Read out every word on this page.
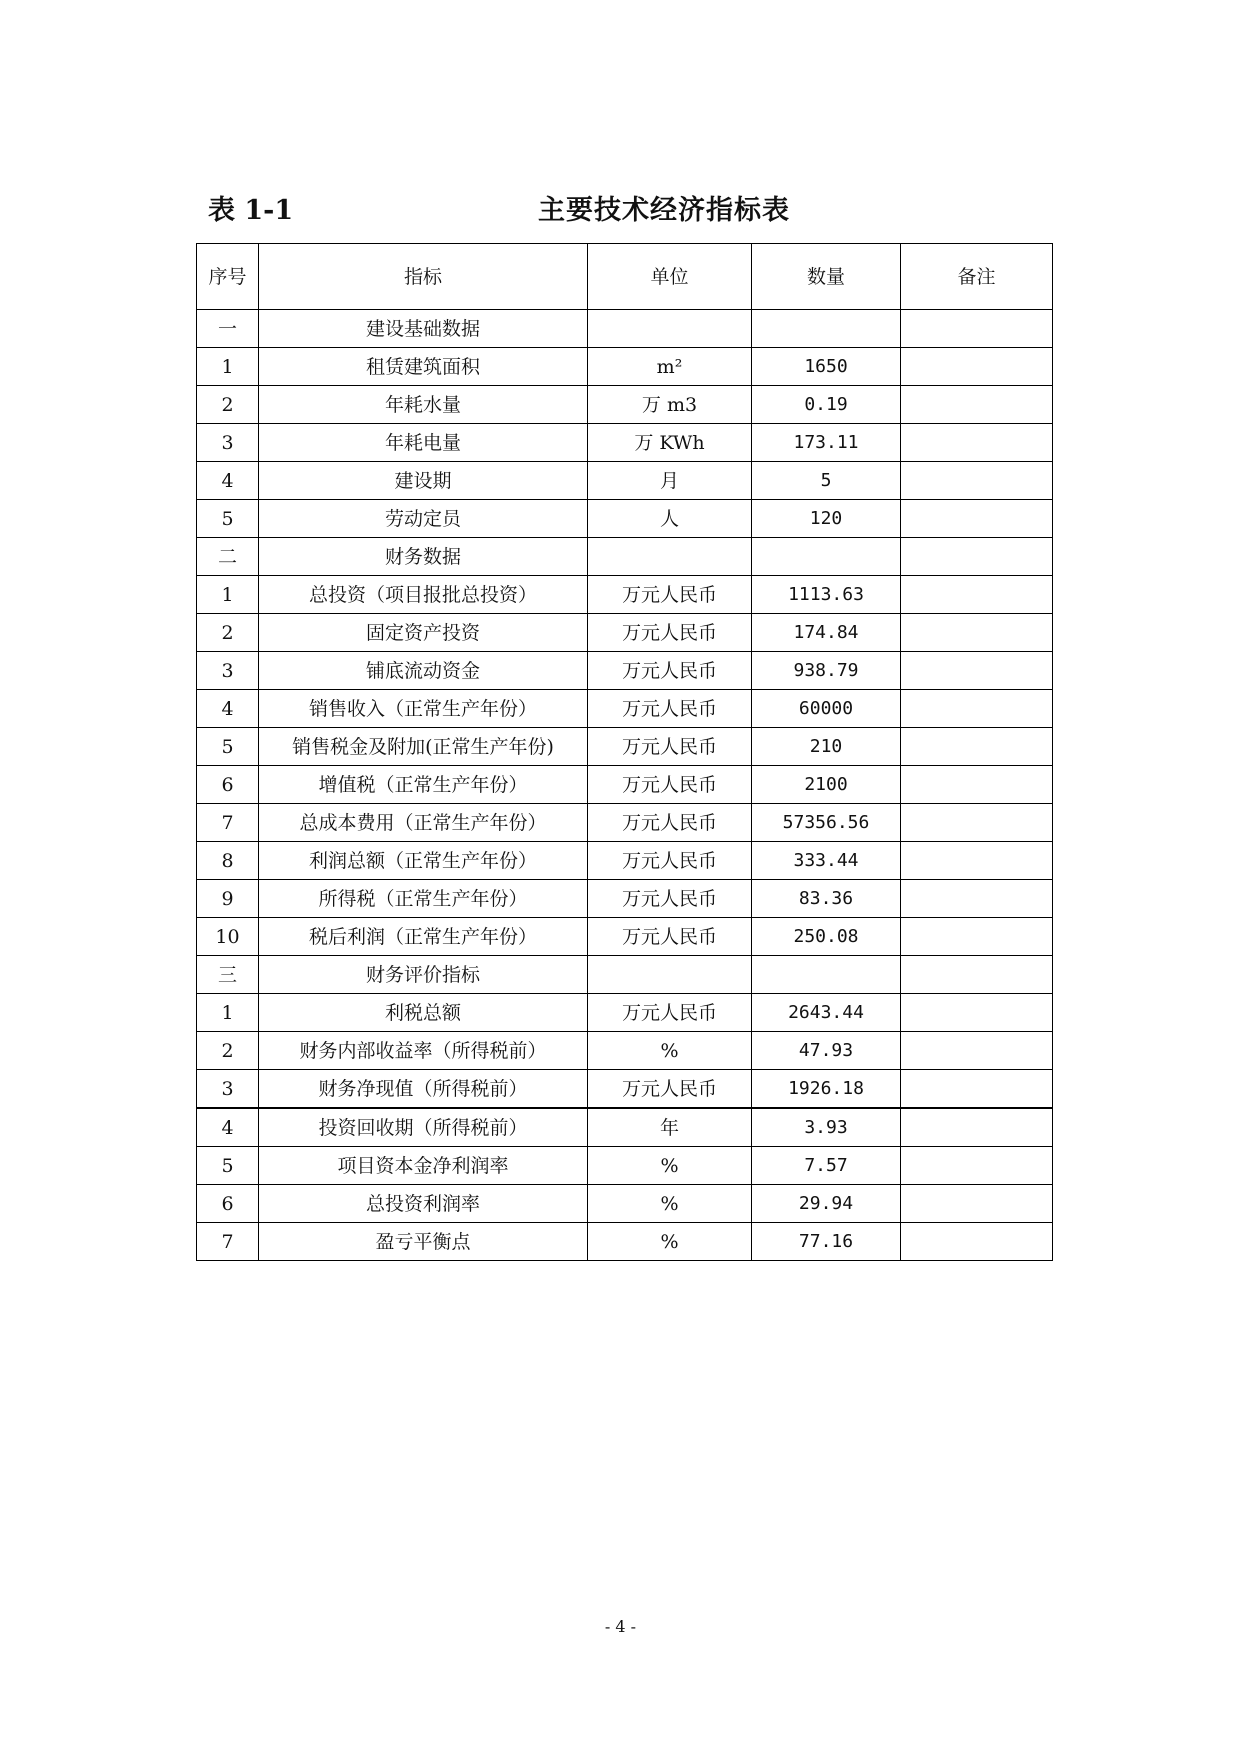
表 1-1	主要技术经济指标表
序号	指标	单位	数量	备注
一	建设基础数据			
1	租赁建筑面积	m²	1650	
2	年耗水量	万 m3	0.19	
3	年耗电量	万 KWh	173.11	
4	建设期	月	5	
5	劳动定员	人	120	
二	财务数据			
1	总投资（项目报批总投资）	万元人民币	1113.63	
2	固定资产投资	万元人民币	174.84	
3	铺底流动资金	万元人民币	938.79	
4	销售收入（正常生产年份）	万元人民币	60000	
5	销售税金及附加(正常生产年份)	万元人民币	210	
6	增值税（正常生产年份）	万元人民币	2100	
7	总成本费用（正常生产年份）	万元人民币	57356.56	
8	利润总额（正常生产年份）	万元人民币	333.44	
9	所得税（正常生产年份）	万元人民币	83.36	
10	税后利润（正常生产年份）	万元人民币	250.08	
三	财务评价指标			
1	利税总额	万元人民币	2643.44	
2	财务内部收益率（所得税前）	%	47.93	
3	财务净现值（所得税前）	万元人民币	1926.18	
4	投资回收期（所得税前）	年	3.93	
5	项目资本金净利润率	%	7.57	
6	总投资利润率	%	29.94	
7	盈亏平衡点	%	77.16	
- 4 -
